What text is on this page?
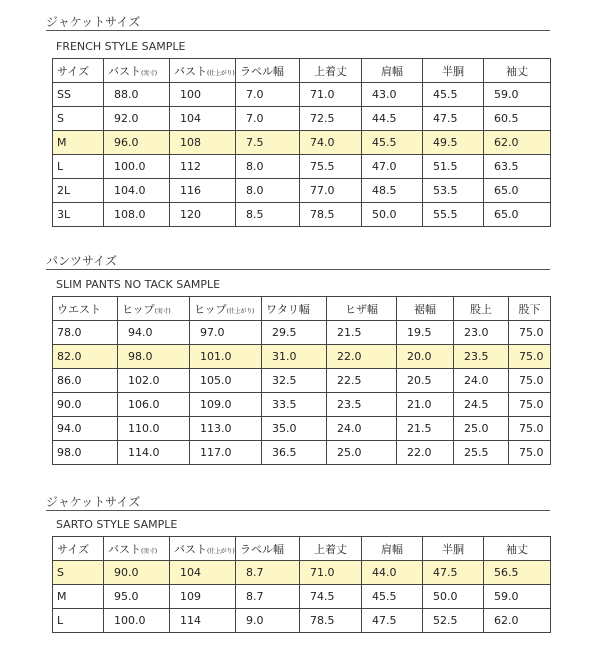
ジャケットサイズ
FRENCH STYLE SAMPLE
サイズ	バスト(実寸)	バスト(仕上がり)	ラペル幅	上着丈	肩幅	半胴	袖丈
SS	88.0	100	7.0	71.0	43.0	45.5	59.0
S	92.0	104	7.0	72.5	44.5	47.5	60.5
M	96.0	108	7.5	74.0	45.5	49.5	62.0
L	100.0	112	8.0	75.5	47.0	51.5	63.5
2L	104.0	116	8.0	77.0	48.5	53.5	65.0
3L	108.0	120	8.5	78.5	50.0	55.5	65.0
パンツサイズ
SLIM PANTS NO TACK SAMPLE
ウエスト	ヒップ(実寸)	ヒップ(仕上がり)	ワタリ幅	ヒザ幅	裾幅	股上	股下
78.0	94.0	97.0	29.5	21.5	19.5	23.0	75.0
82.0	98.0	101.0	31.0	22.0	20.0	23.5	75.0
86.0	102.0	105.0	32.5	22.5	20.5	24.0	75.0
90.0	106.0	109.0	33.5	23.5	21.0	24.5	75.0
94.0	110.0	113.0	35.0	24.0	21.5	25.0	75.0
98.0	114.0	117.0	36.5	25.0	22.0	25.5	75.0
ジャケットサイズ
SARTO STYLE SAMPLE
サイズ	バスト(実寸)	バスト(仕上がり)	ラペル幅	上着丈	肩幅	半胴	袖丈
S	90.0	104	8.7	71.0	44.0	47.5	56.5
M	95.0	109	8.7	74.5	45.5	50.0	59.0
L	100.0	114	9.0	78.5	47.5	52.5	62.0
